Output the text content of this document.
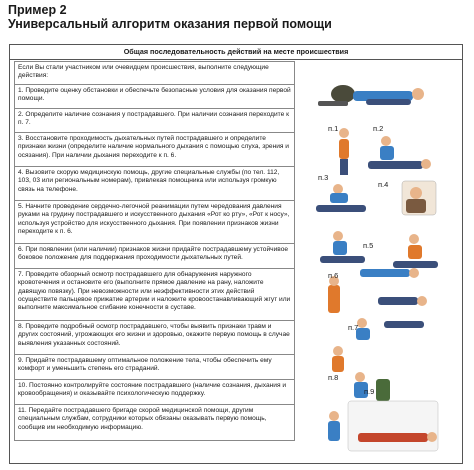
Пример 2
Универсальный алгоритм оказания первой помощи
Общая последовательность действий на месте происшествия
Если Вы стали участником или очевидцем происшествия, выполните следующие действия:
1. Проведите оценку обстановки и обеспечьте безопасные условия для оказания первой помощи.
2. Определите наличие сознания у пострадавшего. При наличии сознания переходите к п. 7.
3. Восстановите проходимость дыхательных путей пострадавшего и определите признаки жизни (определите наличие нормального дыхания с помощью слуха, зрения и осязания). При наличии дыхания переходите к п. 6.
4. Вызовите скорую медицинскую помощь, другие специальные службы (по тел. 112, 103, 03 или региональным номерам), привлекая помощника или используя громкую связь на телефоне.
5. Начните проведение сердечно-легочной реанимации путем чередования давления руками на грудину пострадавшего и искусственного дыхания «Рот ко рту», «Рот к носу», используя устройство для искусственного дыхания. При появлении признаков жизни переходите к п. 6.
6. При появлении (или наличии) признаков жизни придайте пострадавшему устойчивое боковое положение для поддержания проходимости дыхательных путей.
7. Проведите обзорный осмотр пострадавшего для обнаружения наружного кровотечения и остановите его (выполните прямое давление на рану, наложите давящую повязку). При невозможности или неэффективности этих действий осуществите пальцевое прижатие артерии и наложите кровоостанавливающий жгут или выполните максимальное сгибание конечности в суставе.
8. Проведите подробный осмотр пострадавшего, чтобы выявить признаки травм и других состояний, угрожающих его жизни и здоровью, окажите первую помощь в случае выявления указанных состояний.
9. Придайте пострадавшему оптимальное положение тела, чтобы обеспечить ему комфорт и уменьшить степень его страданий.
10. Постоянно контролируйте состояние пострадавшего (наличие сознания, дыхания и кровообращения) и оказывайте психологическую поддержку.
11. Передайте пострадавшего бригаде скорой медицинской помощи, другим специальным службам, сотрудники которых обязаны оказывать первую помощь, сообщив им необходимую информацию.
п.1	п.2
п.3
п.4
п.5
п.6
п.7
п.8
п.9
